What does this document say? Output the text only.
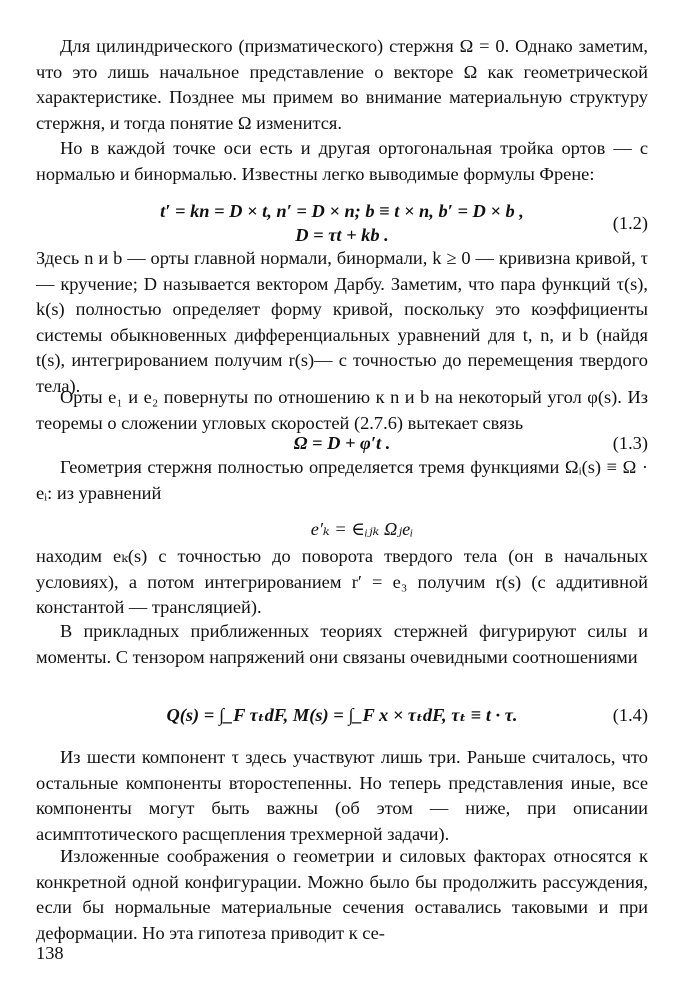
Для цилиндрического (призматического) стержня Ω = 0. Однако заметим, что это лишь начальное представление о векторе Ω как геометрической характеристике. Позднее мы примем во внимание материальную структуру стержня, и тогда понятие Ω изменится.

Но в каждой точке оси есть и другая ортогональная тройка ортов — с нормалью и бинормалью. Известны легко выводимые формулы Френе:

t′ = kn = D × t, n′ = D × n; b ≡ t × n, b′ = D × b ,
D = τt + kb .
(1.2)

Здесь n и b — орты главной нормали, бинормали, k ≥ 0 — кривизна кривой, τ — кручение; D называется вектором Дарбу. Заметим, что пара функций τ(s), k(s) полностью определяет форму кривой, поскольку это коэффициенты системы обыкновенных дифференциальных уравнений для t, n, и b (найдя t(s), интегрированием получим r(s)— с точностью до перемещения твердого тела).

Орты e₁ и e₂ повернуты по отношению к n и b на некоторый угол φ(s). Из теоремы о сложении угловых скоростей (2.7.6) вытекает связь

Ω = D + φ′t .	(1.3)

Геометрия стержня полностью определяется тремя функциями Ωᵢ(s) ≡ Ω · eᵢ: из уравнений

e′ₖ = ∈ᵢⱼₖ Ωⱼeᵢ

находим eₖ(s) с точностью до поворота твердого тела (он в начальных условиях), а потом интегрированием r′ = e₃ получим r(s) (с аддитивной константой — трансляцией).

В прикладных приближенных теориях стержней фигурируют силы и моменты. С тензором напряжений они связаны очевидными соотношениями

Q(s) = ∫_F τₜdF, M(s) = ∫_F x × τₜdF, τₜ ≡ t · τ.	(1.4)

Из шести компонент τ здесь участвуют лишь три. Раньше считалось, что остальные компоненты второстепенны. Но теперь представления иные, все компоненты могут быть важны (об этом — ниже, при описании асимптотического расщепления трехмерной задачи).

Изложенные соображения о геометрии и силовых факторах относятся к конкретной одной конфигурации. Можно было бы продолжить рассуждения, если бы нормальные материальные сечения оставались таковыми и при деформации. Но эта гипотеза приводит к се-

138
